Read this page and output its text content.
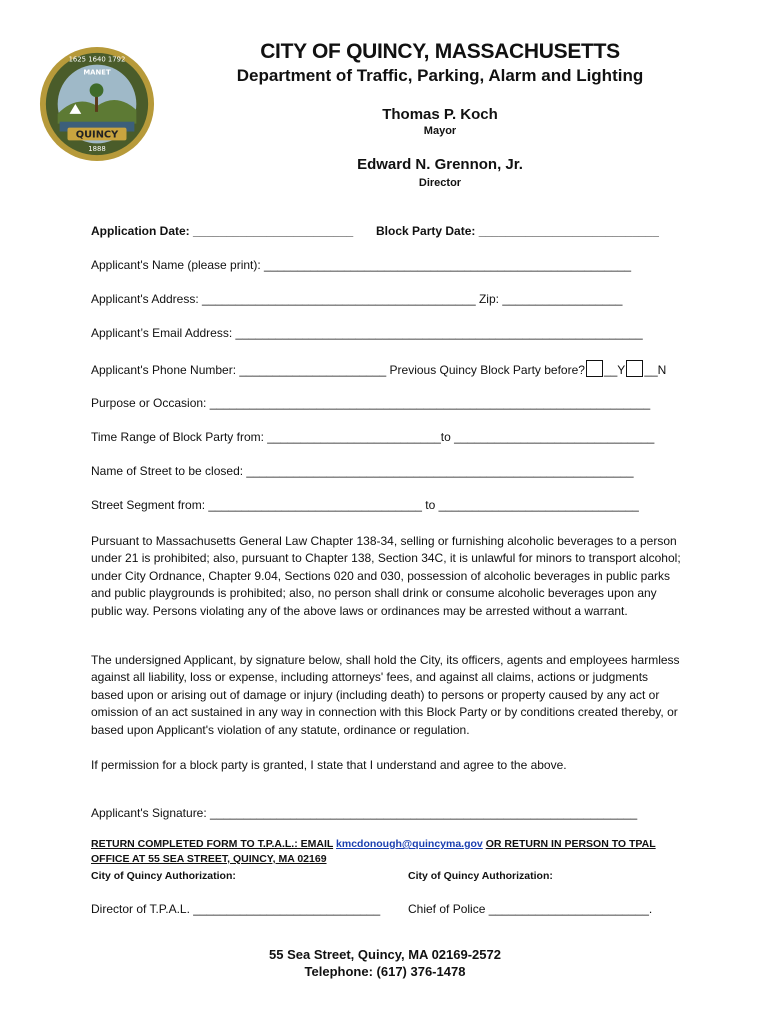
QUINCY
MANET
1625 1640 1792
1888
CITY OF QUINCY, MASSACHUSETTS
Department of Traffic, Parking, Alarm and Lighting
Thomas P. Koch
Mayor
Edward N. Grennon, Jr.
Director
Application Date: ________________________ Block Party Date: ___________________________
Applicant's Name (please print): _______________________________________________________
Applicant's Address: _________________________________________ Zip: __________________
Applicant’s Email Address: _____________________________________________________________
Applicant's Phone Number: ______________________ Previous Quincy Block Party before? __Y __N
Purpose or Occasion: __________________________________________________________________
Time Range of Block Party from: __________________________to ______________________________
Name of Street to be closed: __________________________________________________________
Street Segment from: ________________________________ to ______________________________
Pursuant to Massachusetts General Law Chapter 138-34, selling or furnishing alcoholic beverages to a person under 21 is prohibited; also, pursuant to Chapter 138, Section 34C, it is unlawful for minors to transport alcohol; under City Ordnance, Chapter 9.04, Sections 020 and 030, possession of alcoholic beverages in public parks and public playgrounds is prohibited; also, no person shall drink or consume alcoholic beverages upon any public way. Persons violating any of the above laws or ordinances may be arrested without a warrant.
The undersigned Applicant, by signature below, shall hold the City, its officers, agents and employees harmless against all liability, loss or expense, including attorneys' fees, and against all claims, actions or judgments based upon or arising out of damage or injury (including death) to persons or property caused by any act or omission of an act sustained in any way in connection with this Block Party or by conditions created thereby, or based upon Applicant's violation of any statute, ordinance or regulation.
If permission for a block party is granted, I state that I understand and agree to the above.
Applicant's Signature: ________________________________________________________________
RETURN COMPLETED FORM TO T.P.A.L.: EMAIL kmcdonough@quincyma.gov OR RETURN IN PERSON TO TPAL
OFFICE AT 55 SEA STREET, QUINCY, MA 02169
City of Quincy Authorization:	City of Quincy Authorization:
Director of T.P.A.L. ____________________________ Chief of Police ________________________.
55 Sea Street, Quincy, MA 02169-2572
Telephone: (617) 376-1478
